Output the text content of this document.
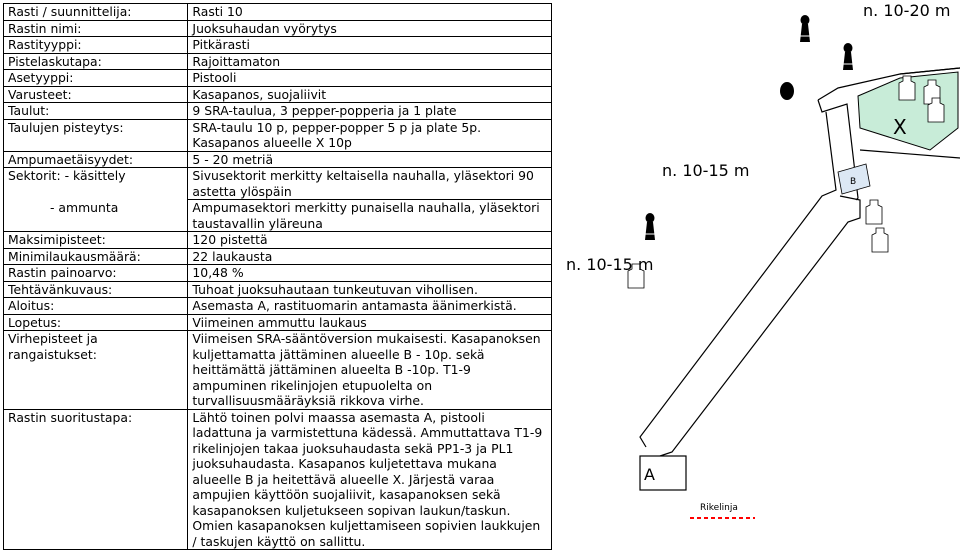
Rasti / suunnittelija:	Rasti 10
Rastin nimi:	Juoksuhaudan vyörytys
Rastityyppi:	Pitkärasti
Pistelaskutapa:	Rajoittamaton
Asetyyppi:	Pistooli
Varusteet:	Kasapanos, suojaliivit
Taulut:	9 SRA-taulua, 3 pepper-popperia ja 1 plate
Taulujen pisteytys:	SRA-taulu 10 p, pepper-popper 5 p ja plate 5p. Kasapanos alueelle X 10p
Ampumaetäisyydet:	5 - 20 metriä
Sektorit: - käsittely	Sivusektorit merkitty keltaisella nauhalla, yläsektori 90 astetta ylöspäin
- ammunta	Ampumasektori merkitty punaisella nauhalla, yläsektori taustavallin yläreuna
Maksimipisteet:	120 pistettä
Minimilaukausmäärä:	22 laukausta
Rastin painoarvo:	10,48 %
Tehtävänkuvaus:	Tuhoat juoksuhautaan tunkeutuvan vihollisen.
Aloitus:	Asemasta A, rastituomarin antamasta äänimerkistä.
Lopetus:	Viimeinen ammuttu laukaus
Virhepisteet ja rangaistukset:	Viimeisen SRA-sääntöversion mukaisesti. Kasapanoksen kuljettamatta jättäminen alueelle B - 10p. sekä heittämättä jättäminen alueelta B -10p. T1-9 ampuminen rikelinjojen etupuolelta on turvallisuusmääräyksiä rikkova virhe.
Rastin suoritustapa:	Lähtö toinen polvi maassa asemasta A, pistooli ladattuna ja varmistettuna kädessä. Ammuttattava T1-9 rikelinjojen takaa juoksuhaudasta sekä PP1-3 ja PL1 juoksuhaudasta. Kasapanos kuljetettava mukana alueelle B ja heitettävä alueelle X. Järjestä varaa ampujien käyttöön suojaliivit, kasapanoksen sekä kasapanoksen kuljetukseen sopivan laukun/taskun. Omien kasapanoksen kuljettamiseen sopivien laukkujen / taskujen käyttö on sallittu.
X
B
A
Rikelinja
n. 10-20 m
n. 10-15 m
n. 10-15 m
